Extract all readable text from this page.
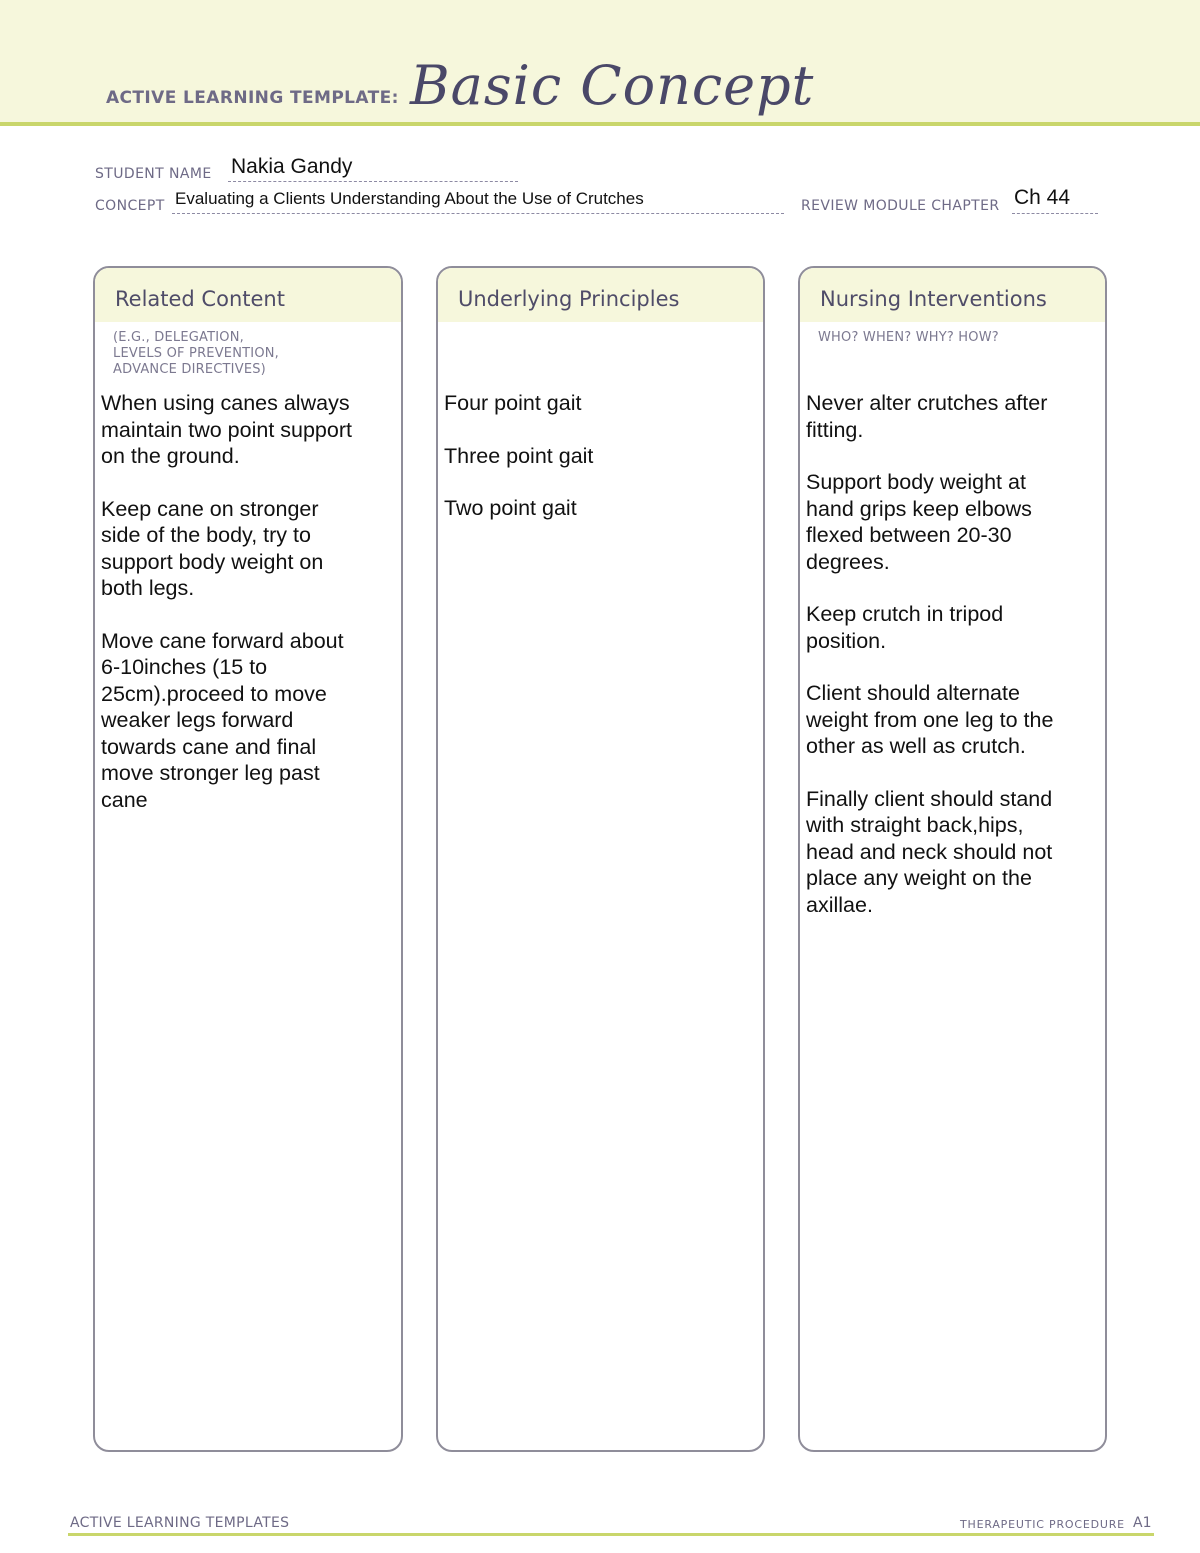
ACTIVE LEARNING TEMPLATE: Basic Concept
STUDENT NAME Nakia Gandy
CONCEPT Evaluating a Clients Understanding About the Use of Crutches	REVIEW MODULE CHAPTER Ch 44
Related Content
(E.G., DELEGATION,
LEVELS OF PREVENTION,
ADVANCE DIRECTIVES)

When using canes always
maintain two point support
on the ground.

Keep cane on stronger
side of the body, try to
support body weight on
both legs.

Move cane forward about
6-10inches (15 to
25cm).proceed to move
weaker legs forward
towards cane and final
move stronger leg past
cane

Underlying Principles

Four point gait

Three point gait

Two point gait

Nursing Interventions
WHO? WHEN? WHY? HOW?

Never alter crutches after
fitting.

Support body weight at
hand grips keep elbows
flexed between 20-30
degrees.

Keep crutch in tripod
position.

Client should alternate
weight from one leg to the
other as well as crutch.

Finally client should stand
with straight back,hips,
head and neck should not
place any weight on the
axillae.

ACTIVE LEARNING TEMPLATES	THERAPEUTIC PROCEDURE A1
